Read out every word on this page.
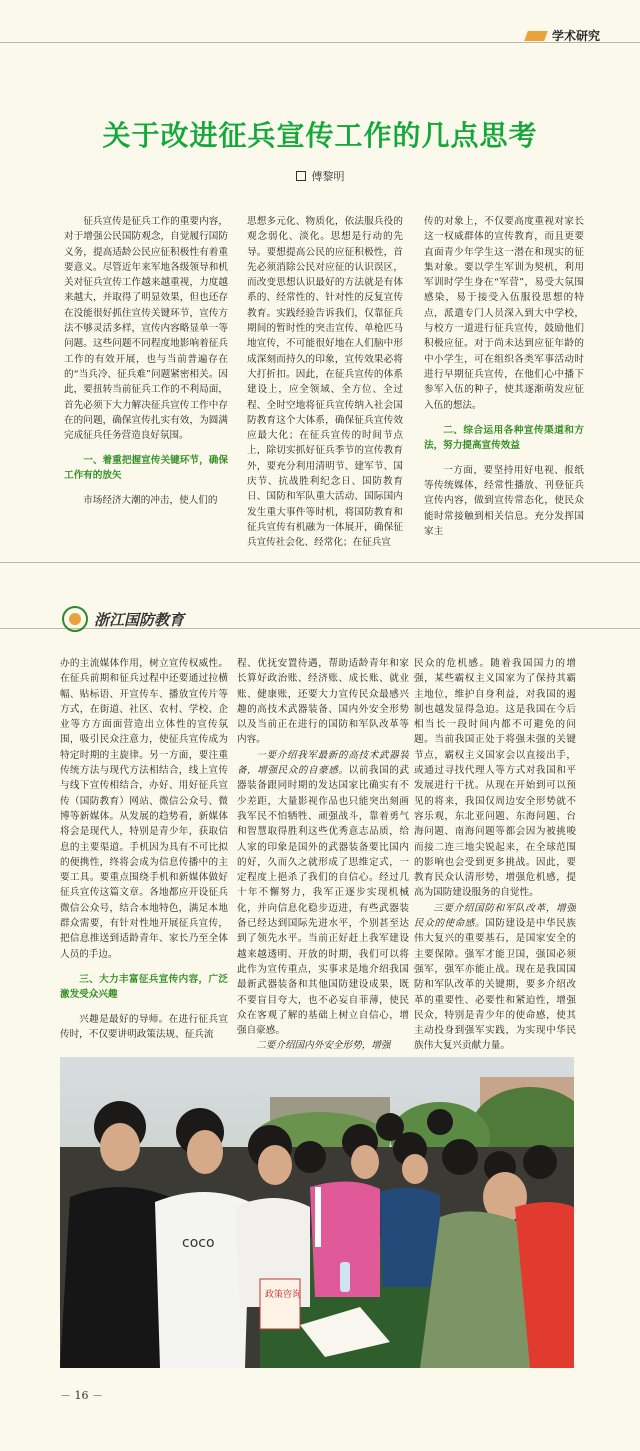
学术研究
关于改进征兵宣传工作的几点思考
傅黎明

征兵宣传是征兵工作的重要内容，对于增强公民国防观念，自觉履行国防义务，提高适龄公民应征积极性有着重要意义。尽管近年来军地各级领导和机关对征兵宣传工作越来越重视，力度越来越大，并取得了明显效果，但也还存在没能很好抓住宣传关键环节，宣传方法不够灵活多样，宣传内容略显单一等问题。这些问题不同程度地影响着征兵工作的有效开展，也与当前普遍存在的“当兵冷、征兵难”问题紧密相关。因此，要扭转当前征兵工作的不利局面，首先必须下大力解决征兵宣传工作中存在的问题，确保宣传扎实有效，为圆满完成征兵任务营造良好氛围。

一、着重把握宣传关键环节，确保工作有的放矢

市场经济大潮的冲击，使人们的

思想多元化、物质化，依法服兵役的观念弱化、淡化。思想是行动的先导。要想提高公民的应征积极性，首先必须消除公民对应征的认识误区，而改变思想认识最好的方法就是有体系的、经常性的、针对性的反复宣传教育。实践经验告诉我们，仅靠征兵期间的暂时性的突击宣传、单枪匹马地宣传，不可能很好地在人们脑中形成深刻而持久的印象，宣传效果必将大打折扣。因此，在征兵宣传的体系建设上，应全领域、全方位、全过程、全时空地将征兵宣传纳入社会国防教育这个大体系，确保征兵宣传效应最大化；在征兵宣传的时间节点上，除切实抓好征兵季节的宣传教育外，要充分利用清明节、建军节、国庆节、抗战胜利纪念日、国防教育日、国防和军队重大活动、国际国内发生重大事件等时机，将国防教育和征兵宣传有机融为一体展开，确保征兵宣传社会化、经常化；在征兵宣

传的对象上，不仅要高度重视对家长这一权威群体的宣传教育，而且更要直面青少年学生这一潜在和现实的征集对象。要以学生军训为契机，利用军训时学生身在“军营”，易受大氛围感染，易于接受入伍服役思想的特点，派遣专门人员深入到大中学校，与校方一道进行征兵宣传，鼓励他们积极应征。对于尚未达到应征年龄的中小学生，可在组织各类军事活动时进行早期征兵宣传，在他们心中播下参军入伍的种子，使其逐渐萌发应征入伍的想法。

二、综合运用各种宣传渠道和方法，努力提高宣传效益

一方面，要坚持用好电视、报纸等传统媒体，经常性播放、刊登征兵宣传内容，做到宣传常态化，使民众能时常接触到相关信息。充分发挥国家主

浙江国防教育

办的主流媒体作用，树立宣传权威性。在征兵前期和征兵过程中还要通过拉横幅、贴标语、开宣传车、播放宣传片等方式，在街道、社区、农村、学校、企业等方方面面营造出立体性的宣传氛围，吸引民众注意力，使征兵宣传成为特定时期的主旋律。另一方面，要注重传统方法与现代方法相结合，线上宣传与线下宣传相结合，办好、用好征兵宣传（国防教育）网站、微信公众号、微博等新媒体。从发展的趋势看，新媒体将会是现代人，特别是青少年，获取信息的主要渠道。手机因为具有不可比拟的便携性，终将会成为信息传播中的主要工具。要重点围绕手机和新媒体做好征兵宣传这篇文章。各地都应开设征兵微信公众号，结合本地特色，满足本地群众需要，有针对性地开展征兵宣传，把信息推送到适龄青年、家长乃至全体人员的手边。

三、大力丰富征兵宣传内容，广泛激发受众兴趣

兴趣是最好的导师。在进行征兵宣传时，不仅要讲明政策法规、征兵流

程、优抚安置待遇，帮助适龄青年和家长算好政治账、经济账、成长账、就业账、健康账，还要大力宣传民众最感兴趣的高技术武器装备、国内外安全形势以及当前正在进行的国防和军队改革等内容。

一要介绍我军最新的高技术武器装备，增强民众的自豪感。以前我国的武器装备跟同时期的发达国家比确实有不少差距，大量影视作品也只能突出刻画我军民不怕牺牲、顽强战斗，靠着勇气和智慧取得胜利这些优秀意志品质，给人家的印象是国外的武器装备要比国内的好，久而久之就形成了思维定式，一定程度上挹杀了我们的自信心。经过几十年不懈努力，我军正逐步实现机械化，并向信息化稳步迈进，有些武器装备已经达到国际先进水平，个别甚至达到了领先水平。当前正好赶上我军建设越来越透明、开放的时期，我们可以将此作为宣传重点，实事求是地介绍我国最新武器装备和其他国防建设成果，既不要盲目夸大，也不必妄自菲薄，使民众在客观了解的基础上树立自信心，增强自豪感。

二要介绍国内外安全形势，增强

民众的危机感。随着我国国力的增强，某些霸权主义国家为了保持其霸主地位，维护自身利益，对我国的遏制也越发显得急迫。这是我国在今后相当长一段时间内都不可避免的问题。当前我国正处于将强未强的关键节点，霸权主义国家会以直接出手，或通过寻找代理人等方式对我国和平发展进行干扰。从现在开始到可以预见的将来，我国仅周边安全形势就不容乐观，东北亚问题、东海问题、台海问题、南海问题等都会因为被挑唆而接二连三地尖锐起来，在全球范围的影响也会受到更多挑战。因此，要教育民众认清形势，增强危机感，提高为国防建设服务的自觉性。

三要介绍国防和军队改革，增强民众的使命感。国防建设是中华民族伟大复兴的重要基石，是国家安全的主要保障。强军才能卫国，强国必须强军，强军亦能止战。现在是我国国防和军队改革的关键期，要多介绍改革的重要性、必要性和紧迫性，增强民众，特别是青少年的使命感，使其主动投身到强军实践，为实现中华民族伟大复兴贡献力量。

coco
政策咨询
－ 16 －
